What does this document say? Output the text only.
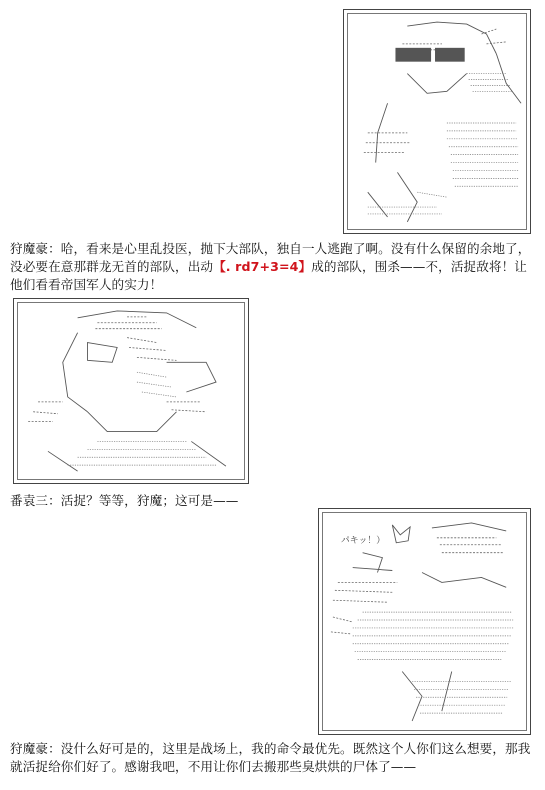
狩魔豪：哈，看来是心里乱投医，抛下大部队，独自一人逃跑了啊。没有什么保留的余地了，没必要在意那群龙无首的部队，出动【. rd7+3=4】成的部队，围杀——不，活捉敌将！让他们看看帝国军人的实力！
番袁三：活捉？等等，狩魔；这可是——
パキッ！）
狩魔豪：没什么好可是的，这里是战场上，我的命令最优先。既然这个人你们这么想要，那我就活捉给你们好了。感谢我吧，不用让你们去搬那些臭烘烘的尸体了——
